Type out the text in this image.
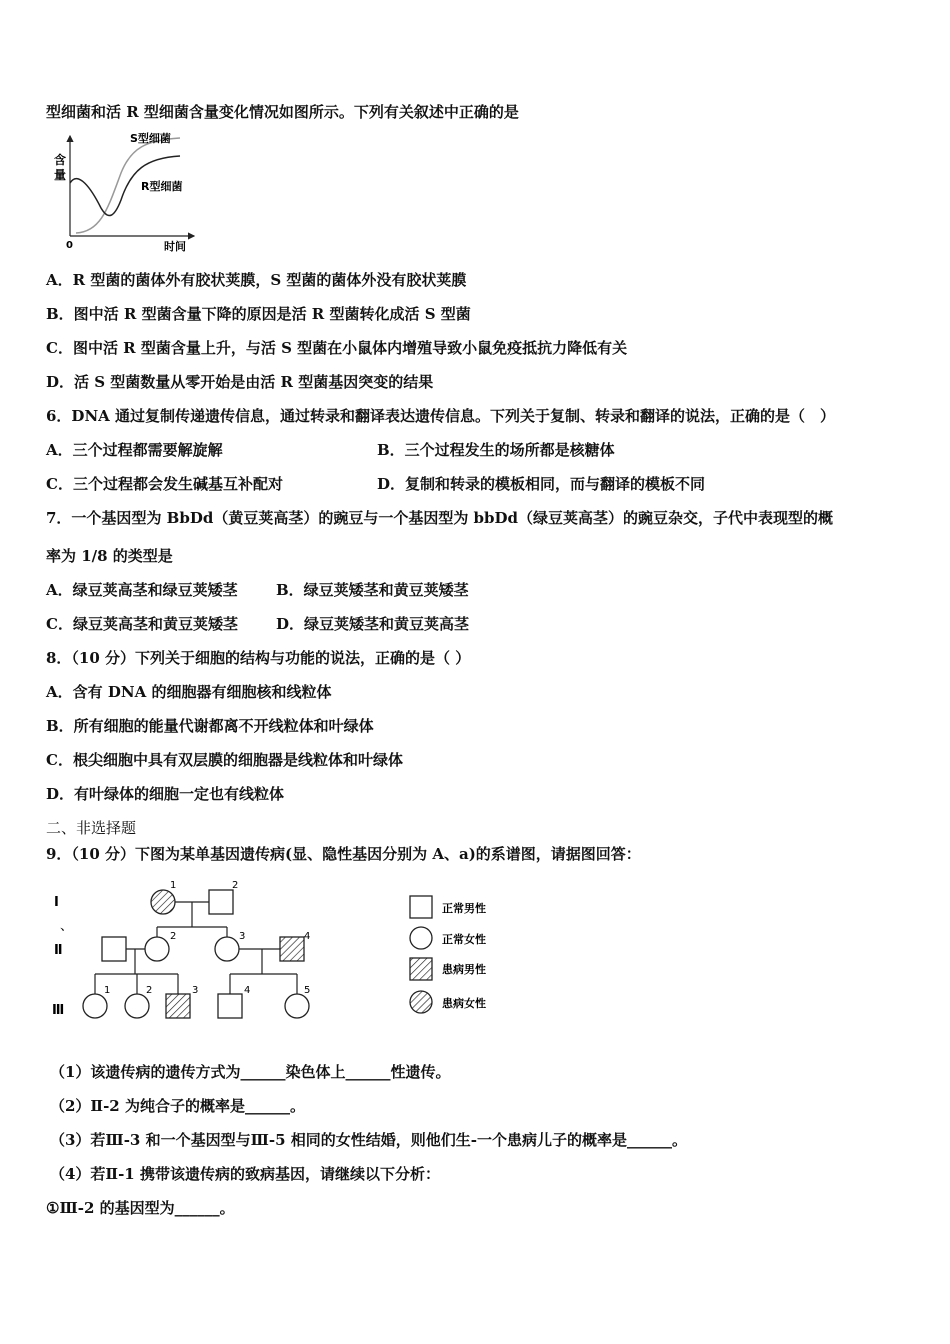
型细菌和活 R 型细菌含量变化情况如图所示。下列有关叙述中正确的是
含
量
S型细菌
R型细菌
0	时间
A．R 型菌的菌体外有胶状荚膜，S 型菌的菌体外没有胶状荚膜
B．图中活 R 型菌含量下降的原因是活 R 型菌转化成活 S 型菌
C．图中活 R 型菌含量上升，与活 S 型菌在小鼠体内增殖导致小鼠免疫抵抗力降低有关
D．活 S 型菌数量从零开始是由活 R 型菌基因突变的结果
6．DNA 通过复制传递遗传信息，通过转录和翻译表达遗传信息。下列关于复制、转录和翻译的说法，正确的是（　）
A．三个过程都需要解旋解	B．三个过程发生的场所都是核糖体
C．三个过程都会发生碱基互补配对	D．复制和转录的模板相同，而与翻译的模板不同
7．一个基因型为 BbDd（黄豆荚高茎）的豌豆与一个基因型为 bbDd（绿豆荚高茎）的豌豆杂交，子代中表现型的概
率为 1/8 的类型是
A．绿豆荚高茎和绿豆荚矮茎	B．绿豆荚矮茎和黄豆荚矮茎
C．绿豆荚高茎和黄豆荚矮茎	D．绿豆荚矮茎和黄豆荚高茎
8．（10 分）下列关于细胞的结构与功能的说法，正确的是（ ）
A．含有 DNA 的细胞器有细胞核和线粒体
B．所有细胞的能量代谢都离不开线粒体和叶绿体
C．根尖细胞中具有双层膜的细胞器是线粒体和叶绿体
D．有叶绿体的细胞一定也有线粒体
二、非选择题
9．（10 分）下图为某单基因遗传病(显、隐性基因分别为 A、a)的系谱图，请据图回答：
Ⅰ
、
Ⅱ
Ⅲ
1	2
2	3	4
1	2	3	4	5
正常男性
正常女性
患病男性
患病女性
（1）该遗传病的遗传方式为______染色体上______性遗传。
（2）Ⅱ-2 为纯合子的概率是______。
（3）若Ⅲ-3 和一个基因型与Ⅲ-5 相同的女性结婚，则他们生-一个患病儿子的概率是______。
（4）若Ⅱ-1 携带该遗传病的致病基因，请继续以下分析：
①Ⅲ-2 的基因型为______。
